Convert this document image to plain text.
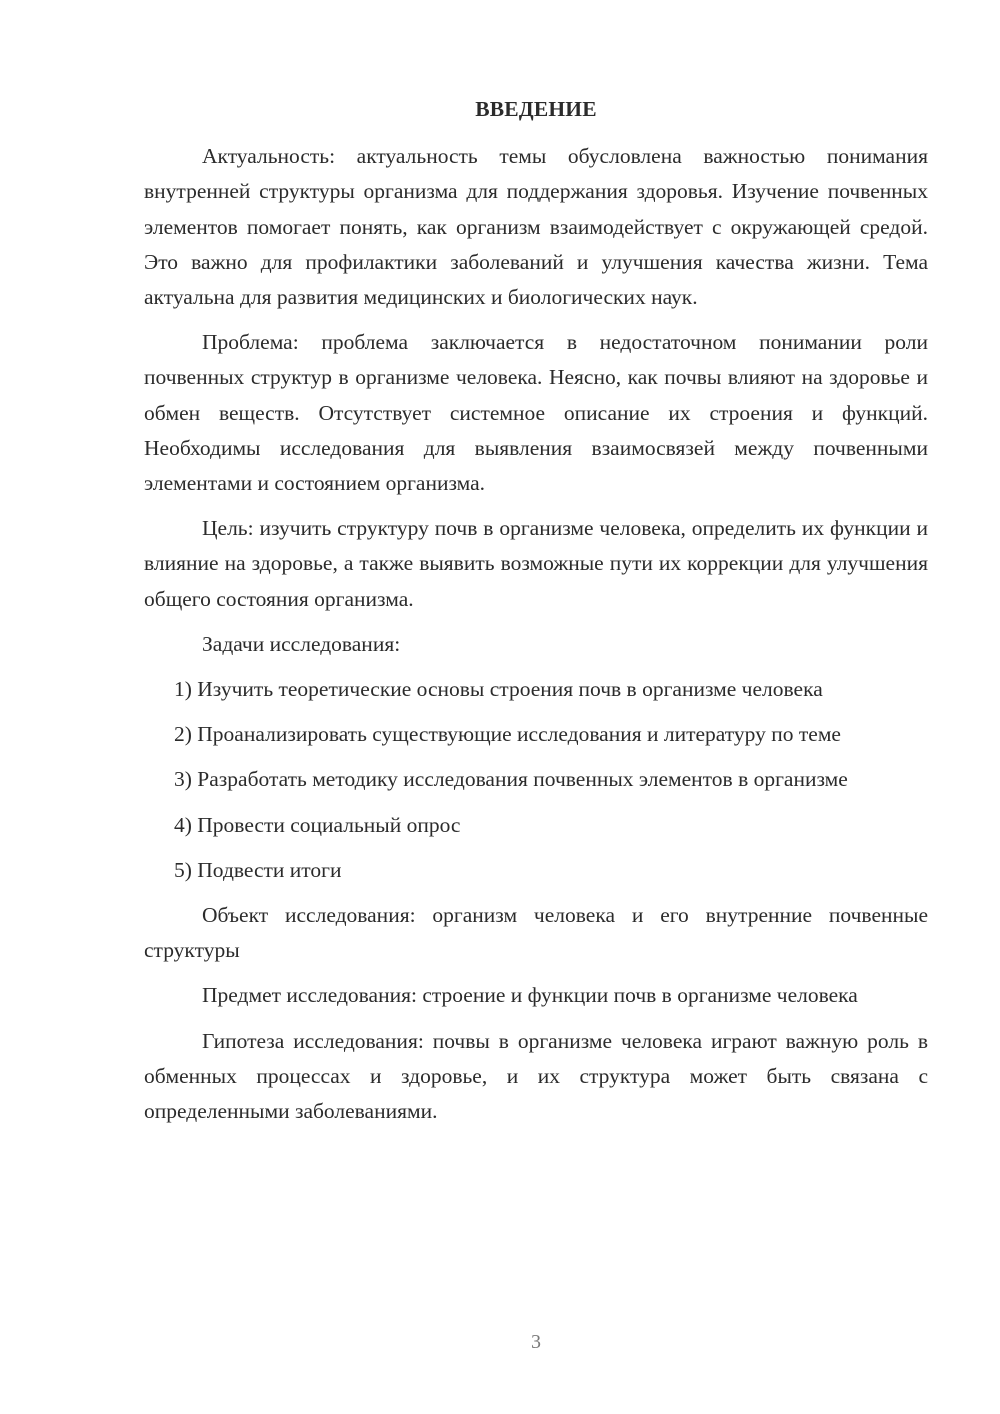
ВВЕДЕНИЕ

Актуальность: актуальность темы обусловлена важностью понимания внутренней структуры организма для поддержания здоровья. Изучение почвенных элементов помогает понять, как организм взаимодействует с окружающей средой. Это важно для профилактики заболеваний и улучшения качества жизни. Тема актуальна для развития медицинских и биологических наук.

Проблема: проблема заключается в недостаточном понимании роли почвенных структур в организме человека. Неясно, как почвы влияют на здоровье и обмен веществ. Отсутствует системное описание их строения и функций. Необходимы исследования для выявления взаимосвязей между почвенными элементами и состоянием организма.

Цель: изучить структуру почв в организме человека, определить их функции и влияние на здоровье, а также выявить возможные пути их коррекции для улучшения общего состояния организма.

Задачи исследования:

1) Изучить теоретические основы строения почв в организме человека

2) Проанализировать существующие исследования и литературу по теме

3) Разработать методику исследования почвенных элементов в организме

4) Провести социальный опрос

5) Подвести итоги

Объект исследования: организм человека и его внутренние почвенные структуры

Предмет исследования: строение и функции почв в организме человека

Гипотеза исследования: почвы в организме человека играют важную роль в обменных процессах и здоровье, и их структура может быть связана с определенными заболеваниями.

3
